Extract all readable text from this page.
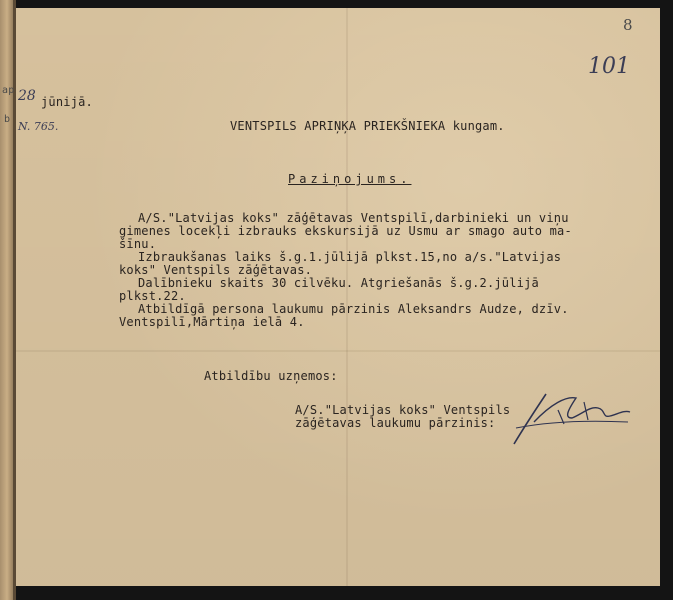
ap
b
8
101
28 jūnijā.
N. 765.	VENTSPILS APRIŅĶA PRIEKŠNIEKA kungam.
Paziņojums.
A/S."Latvijas koks" zāģētavas Ventspilī,darbinieki un viņu
gimenes locekļi izbrauks ekskursijā uz Usmu ar smago auto ma-
šīnu.
Izbraukšanas laiks š.g.1.jūlijā plkst.15,no a/s."Latvijas
koks" Ventspils zāģētavas.
Dalībnieku skaits 30 cilvēku. Atgriešanās š.g.2.jūlijā
plkst.22.
Atbildīgā persona laukumu pārzinis Aleksandrs Audze, dzīv.
Ventspilī,Mārtiņa ielā 4.
Atbildību uzņemos:
A/S."Latvijas koks" Ventspils
zāģētavas laukumu pārzinis:
